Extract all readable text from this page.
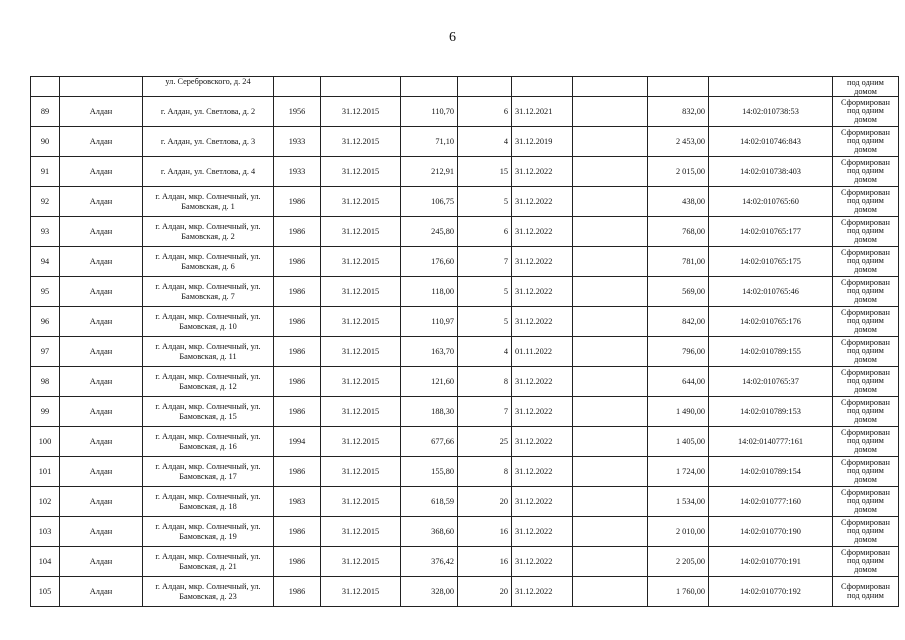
6
		ул. Серебровского, д. 24									под одним домом
89	Алдан	г. Алдан, ул. Светлова, д. 2	1956	31.12.2015	110,70	6	31.12.2021		832,00	14:02:010738:53	Сформирован под одним домом
90	Алдан	г. Алдан, ул. Светлова, д. 3	1933	31.12.2015	71,10	4	31.12.2019		2 453,00	14:02:010746:843	Сформирован под одним домом
91	Алдан	г. Алдан, ул. Светлова, д. 4	1933	31.12.2015	212,91	15	31.12.2022		2 015,00	14:02:010738:403	Сформирован под одним домом
92	Алдан	г. Алдан, мкр. Солнечный, ул. Бамовская, д. 1	1986	31.12.2015	106,75	5	31.12.2022		438,00	14:02:010765:60	Сформирован под одним домом
93	Алдан	г. Алдан, мкр. Солнечный, ул. Бамовская, д. 2	1986	31.12.2015	245,80	6	31.12.2022		768,00	14:02:010765:177	Сформирован под одним домом
94	Алдан	г. Алдан, мкр. Солнечный, ул. Бамовская, д. 6	1986	31.12.2015	176,60	7	31.12.2022		781,00	14:02:010765:175	Сформирован под одним домом
95	Алдан	г. Алдан, мкр. Солнечный, ул. Бамовская, д. 7	1986	31.12.2015	118,00	5	31.12.2022		569,00	14:02:010765:46	Сформирован под одним домом
96	Алдан	г. Алдан, мкр. Солнечный, ул. Бамовская, д. 10	1986	31.12.2015	110,97	5	31.12.2022		842,00	14:02:010765:176	Сформирован под одним домом
97	Алдан	г. Алдан, мкр. Солнечный, ул. Бамовская, д. 11	1986	31.12.2015	163,70	4	01.11.2022		796,00	14:02:010789:155	Сформирован под одним домом
98	Алдан	г. Алдан, мкр. Солнечный, ул. Бамовская, д. 12	1986	31.12.2015	121,60	8	31.12.2022		644,00	14:02:010765:37	Сформирован под одним домом
99	Алдан	г. Алдан, мкр. Солнечный, ул. Бамовская, д. 15	1986	31.12.2015	188,30	7	31.12.2022		1 490,00	14:02:010789:153	Сформирован под одним домом
100	Алдан	г. Алдан, мкр. Солнечный, ул. Бамовская, д. 16	1994	31.12.2015	677,66	25	31.12.2022		1 405,00	14:02:0140777:161	Сформирован под одним домом
101	Алдан	г. Алдан, мкр. Солнечный, ул. Бамовская, д. 17	1986	31.12.2015	155,80	8	31.12.2022		1 724,00	14:02:010789:154	Сформирован под одним домом
102	Алдан	г. Алдан, мкр. Солнечный, ул. Бамовская, д. 18	1983	31.12.2015	618,59	20	31.12.2022		1 534,00	14:02:010777:160	Сформирован под одним домом
103	Алдан	г. Алдан, мкр. Солнечный, ул. Бамовская, д. 19	1986	31.12.2015	368,60	16	31.12.2022		2 010,00	14:02:010770:190	Сформирован под одним домом
104	Алдан	г. Алдан, мкр. Солнечный, ул. Бамовская, д. 21	1986	31.12.2015	376,42	16	31.12.2022		2 205,00	14:02:010770:191	Сформирован под одним домом
105	Алдан	г. Алдан, мкр. Солнечный, ул. Бамовская, д. 23	1986	31.12.2015	328,00	20	31.12.2022		1 760,00	14:02:010770:192	Сформирован под одним
